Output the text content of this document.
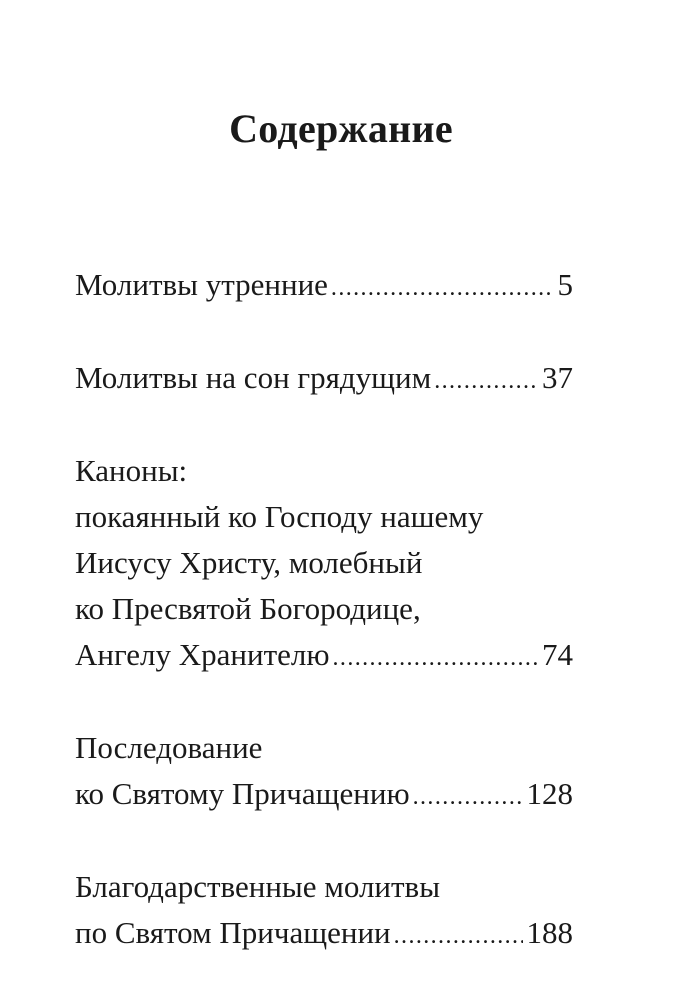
Содержание
Молитвы утренние .....	5
Молитвы на сон грядущим .....	37
Каноны:
покаянный ко Господу нашему
Иисусу Христу, молебный
ко Пресвятой Богородице,
Ангелу Хранителю .....	74
Последование
ко Святому Причащению .....	128
Благодарственные молитвы
по Святом Причащении .....	188
